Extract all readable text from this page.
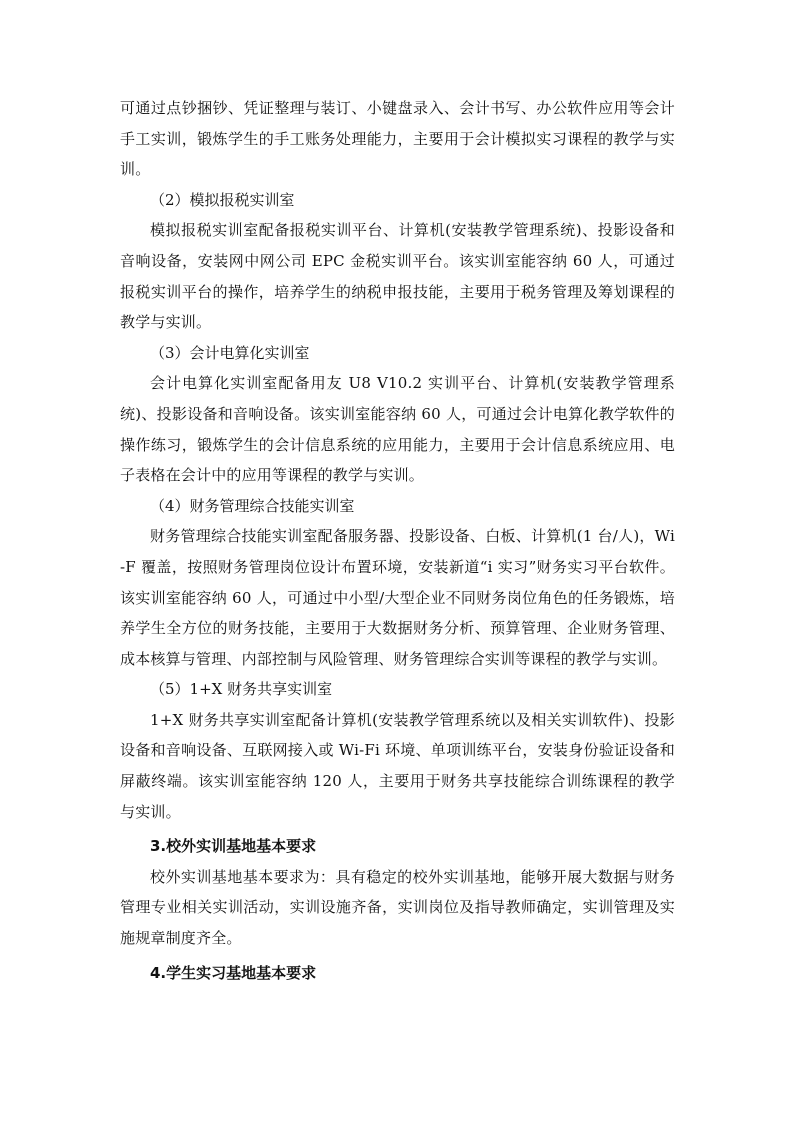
可通过点钞捆钞、凭证整理与装订、小键盘录入、会计书写、办公软件应用等会计手工实训，锻炼学生的手工账务处理能力，主要用于会计模拟实习课程的教学与实训。

（2）模拟报税实训室

模拟报税实训室配备报税实训平台、计算机(安装教学管理系统)、投影设备和音响设备，安装网中网公司 EPC 金税实训平台。该实训室能容纳 60 人，可通过报税实训平台的操作，培养学生的纳税申报技能，主要用于税务管理及筹划课程的教学与实训。

（3）会计电算化实训室

会计电算化实训室配备用友 U8 V10.2 实训平台、计算机(安装教学管理系统)、投影设备和音响设备。该实训室能容纳 60 人，可通过会计电算化教学软件的操作练习，锻炼学生的会计信息系统的应用能力，主要用于会计信息系统应用、电子表格在会计中的应用等课程的教学与实训。

（4）财务管理综合技能实训室

财务管理综合技能实训室配备服务器、投影设备、白板、计算机(1 台/人)，Wi-F 覆盖，按照财务管理岗位设计布置环境，安装新道“i 实习”财务实习平台软件。该实训室能容纳 60 人，可通过中小型/大型企业不同财务岗位角色的任务锻炼，培养学生全方位的财务技能，主要用于大数据财务分析、预算管理、企业财务管理、成本核算与管理、内部控制与风险管理、财务管理综合实训等课程的教学与实训。

（5）1+X 财务共享实训室

1+X 财务共享实训室配备计算机(安装教学管理系统以及相关实训软件)、投影设备和音响设备、互联网接入或 Wi-Fi 环境、单项训练平台，安装身份验证设备和屏蔽终端。该实训室能容纳 120 人，主要用于财务共享技能综合训练课程的教学与实训。

3.校外实训基地基本要求

校外实训基地基本要求为：具有稳定的校外实训基地，能够开展大数据与财务管理专业相关实训活动，实训设施齐备，实训岗位及指导教师确定，实训管理及实施规章制度齐全。

4.学生实习基地基本要求
